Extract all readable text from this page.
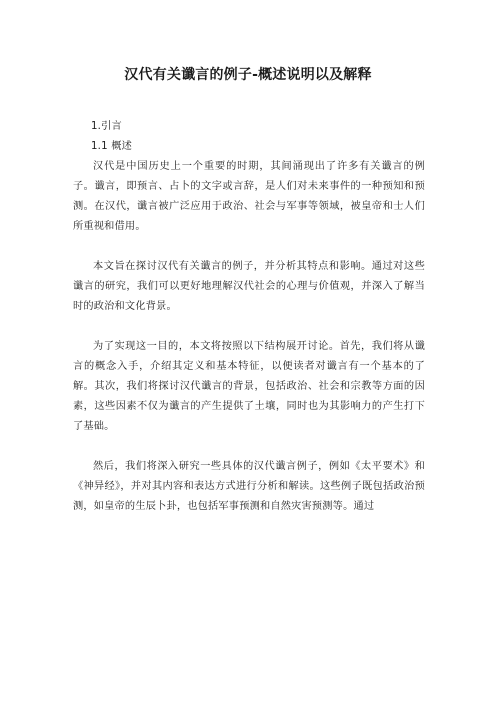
汉代有关谶言的例子-概述说明以及解释

1.引言

1.1 概述

汉代是中国历史上一个重要的时期，其间涌现出了许多有关谶言的例子。谶言，即预言、占卜的文字或言辞，是人们对未来事件的一种预知和预测。在汉代，谶言被广泛应用于政治、社会与军事等领域，被皇帝和士人们所重视和借用。

本文旨在探讨汉代有关谶言的例子，并分析其特点和影响。通过对这些谶言的研究，我们可以更好地理解汉代社会的心理与价值观，并深入了解当时的政治和文化背景。

为了实现这一目的，本文将按照以下结构展开讨论。首先，我们将从谶言的概念入手，介绍其定义和基本特征，以便读者对谶言有一个基本的了解。其次，我们将探讨汉代谶言的背景，包括政治、社会和宗教等方面的因素，这些因素不仅为谶言的产生提供了土壤，同时也为其影响力的产生打下了基础。

然后，我们将深入研究一些具体的汉代谶言例子，例如《太平要术》和《神异经》，并对其内容和表达方式进行分析和解读。这些例子既包括政治预测，如皇帝的生辰卜卦，也包括军事预测和自然灾害预测等。通过
